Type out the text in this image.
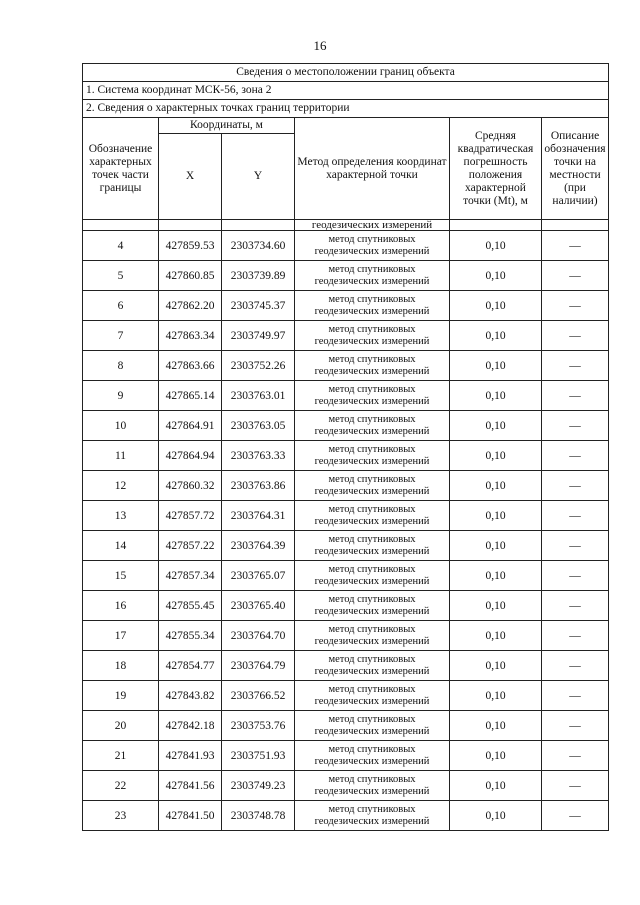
16
Сведения о местоположении границ объекта					
1. Система координат МСК-56, зона 2					
2. Сведения о характерных точках границ территории					
Обозначение характерных точек части границы	Координаты, м		Метод определения координат характерной точки	Средняя квадратическая погрешность положения характерной точки (Mt), м	Описание обозначения точки на местности (при наличии)
	X	Y			
			геодезических измерений		
4	427859.53	2303734.60	метод спутниковых геодезических измерений	0,10	—
5	427860.85	2303739.89	метод спутниковых геодезических измерений	0,10	—
6	427862.20	2303745.37	метод спутниковых геодезических измерений	0,10	—
7	427863.34	2303749.97	метод спутниковых геодезических измерений	0,10	—
8	427863.66	2303752.26	метод спутниковых геодезических измерений	0,10	—
9	427865.14	2303763.01	метод спутниковых геодезических измерений	0,10	—
10	427864.91	2303763.05	метод спутниковых геодезических измерений	0,10	—
11	427864.94	2303763.33	метод спутниковых геодезических измерений	0,10	—
12	427860.32	2303763.86	метод спутниковых геодезических измерений	0,10	—
13	427857.72	2303764.31	метод спутниковых геодезических измерений	0,10	—
14	427857.22	2303764.39	метод спутниковых геодезических измерений	0,10	—
15	427857.34	2303765.07	метод спутниковых геодезических измерений	0,10	—
16	427855.45	2303765.40	метод спутниковых геодезических измерений	0,10	—
17	427855.34	2303764.70	метод спутниковых геодезических измерений	0,10	—
18	427854.77	2303764.79	метод спутниковых геодезических измерений	0,10	—
19	427843.82	2303766.52	метод спутниковых геодезических измерений	0,10	—
20	427842.18	2303753.76	метод спутниковых геодезических измерений	0,10	—
21	427841.93	2303751.93	метод спутниковых геодезических измерений	0,10	—
22	427841.56	2303749.23	метод спутниковых геодезических измерений	0,10	—
23	427841.50	2303748.78	метод спутниковых геодезических измерений	0,10	—
